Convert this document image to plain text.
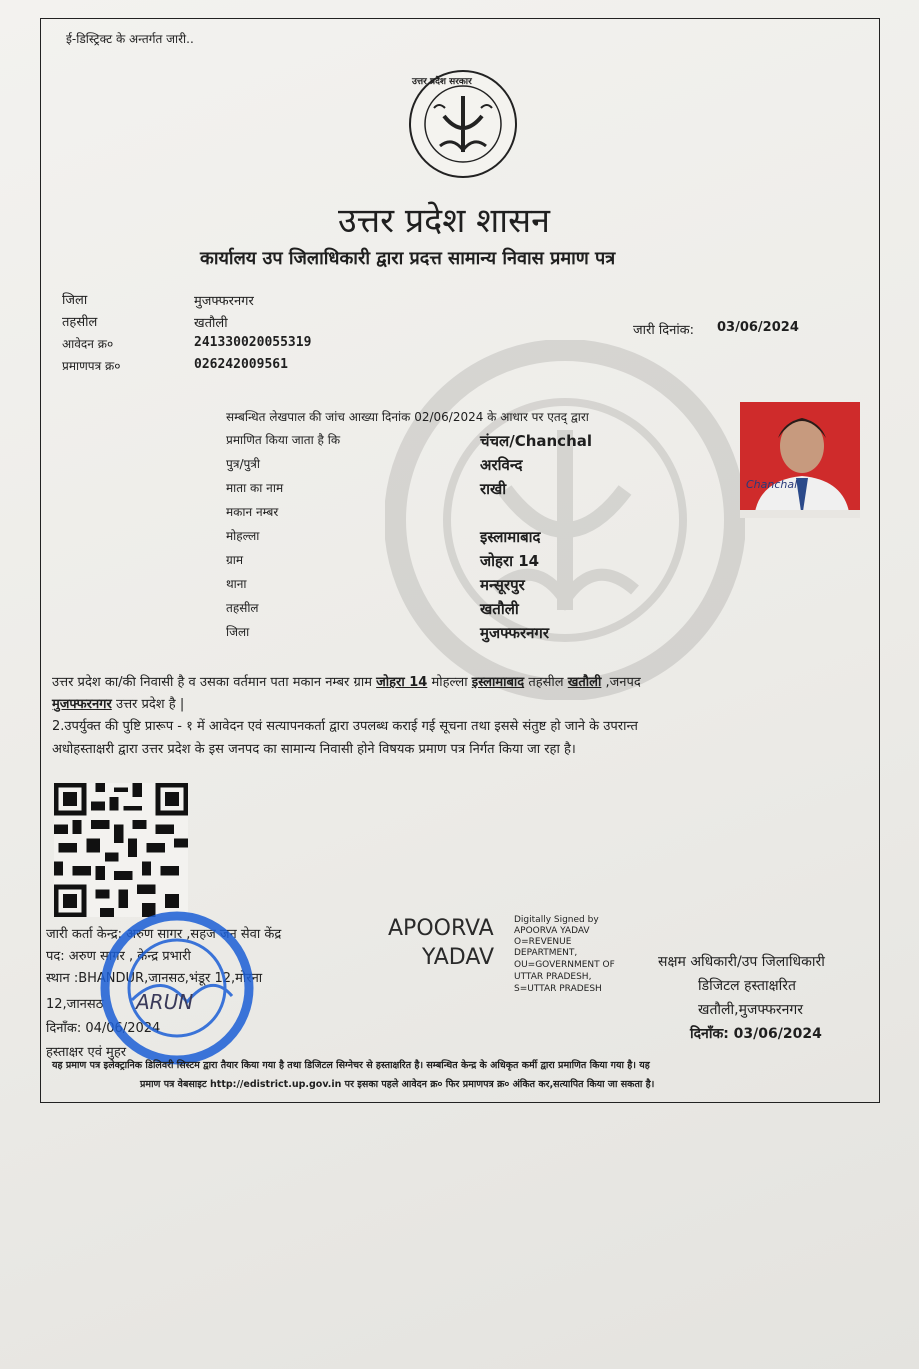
ई-डिस्ट्रिक्ट के अन्तर्गत जारी..
उत्तर प्रदेश सरकार
उत्तर प्रदेश शासन
कार्यालय उप जिलाधिकारी द्वारा प्रदत्त सामान्य निवास प्रमाण पत्र
जिला	मुजफ्फरनगर
तहसील	खतौली
आवेदन क्र०	241330020055319
प्रमाणपत्र क्र०	026242009561
जारी दिनांक: 03/06/2024
सम्बन्धित लेखपाल की जांच आख्या दिनांक 02/06/2024 के आधार पर एतद् द्वारा
प्रमाणित किया जाता है कि	चंचल/Chanchal
पुत्र/पुत्री	अरविन्द
माता का नाम	राखी
मकान नम्बर
मोहल्ला	इस्लामाबाद
ग्राम	जोहरा 14
थाना	मन्सूरपुर
तहसील	खतौली
जिला	मुजफ्फरनगर
Chanchal
उत्तर प्रदेश का/की निवासी है व उसका वर्तमान पता मकान नम्बर ग्राम जोहरा 14 मोहल्ला इस्लामाबाद तहसील खतौली ,जनपद
मुजफ्फरनगर उत्तर प्रदेश है |
2.उपर्युक्त की पुष्टि प्रारूप - १ में आवेदन एवं सत्यापनकर्ता द्वारा उपलब्ध कराई गई सूचना तथा इससे संतुष्ट हो जाने के उपरान्त
अधोहस्ताक्षरी द्वारा उत्तर प्रदेश के इस जनपद का सामान्य निवासी होने विषयक प्रमाण पत्र निर्गत किया जा रहा है।
जारी कर्ता केन्द्र: अरुण सागर ,सहज जन सेवा केंद्र
पद: अरुण सागर , केन्द्र प्रभारी
स्थान :BHANDUR,जानसठ,भंडूर 12,मोरना
12,जानसठ
दिनाँक: 04/06/2024
हस्ताक्षर एवं मुहर
ARUN
APOORVA
YADAV
Digitally Signed by
APOORVA YADAV
O=REVENUE
DEPARTMENT,
OU=GOVERNMENT OF
UTTAR PRADESH,
S=UTTAR PRADESH
सक्षम अधिकारी/उप जिलाधिकारी
डिजिटल हस्ताक्षरित
खतौली,मुजफ्फरनगर
दिनाँक: 03/06/2024
यह प्रमाण पत्र इलेक्ट्रानिक डिलिवरी सिस्टम द्वारा तैयार किया गया है तथा डिजिटल सिग्नेचर से हस्ताक्षरित है। सम्बन्धित केन्द्र के अधिकृत कर्मी द्वारा प्रमाणित किया गया है। यह
प्रमाण पत्र वेबसाइट http://edistrict.up.gov.in पर इसका पहले आवेदन क्र० फिर प्रमाणपत्र क्र० अंकित कर,सत्यापित किया जा सकता है।
